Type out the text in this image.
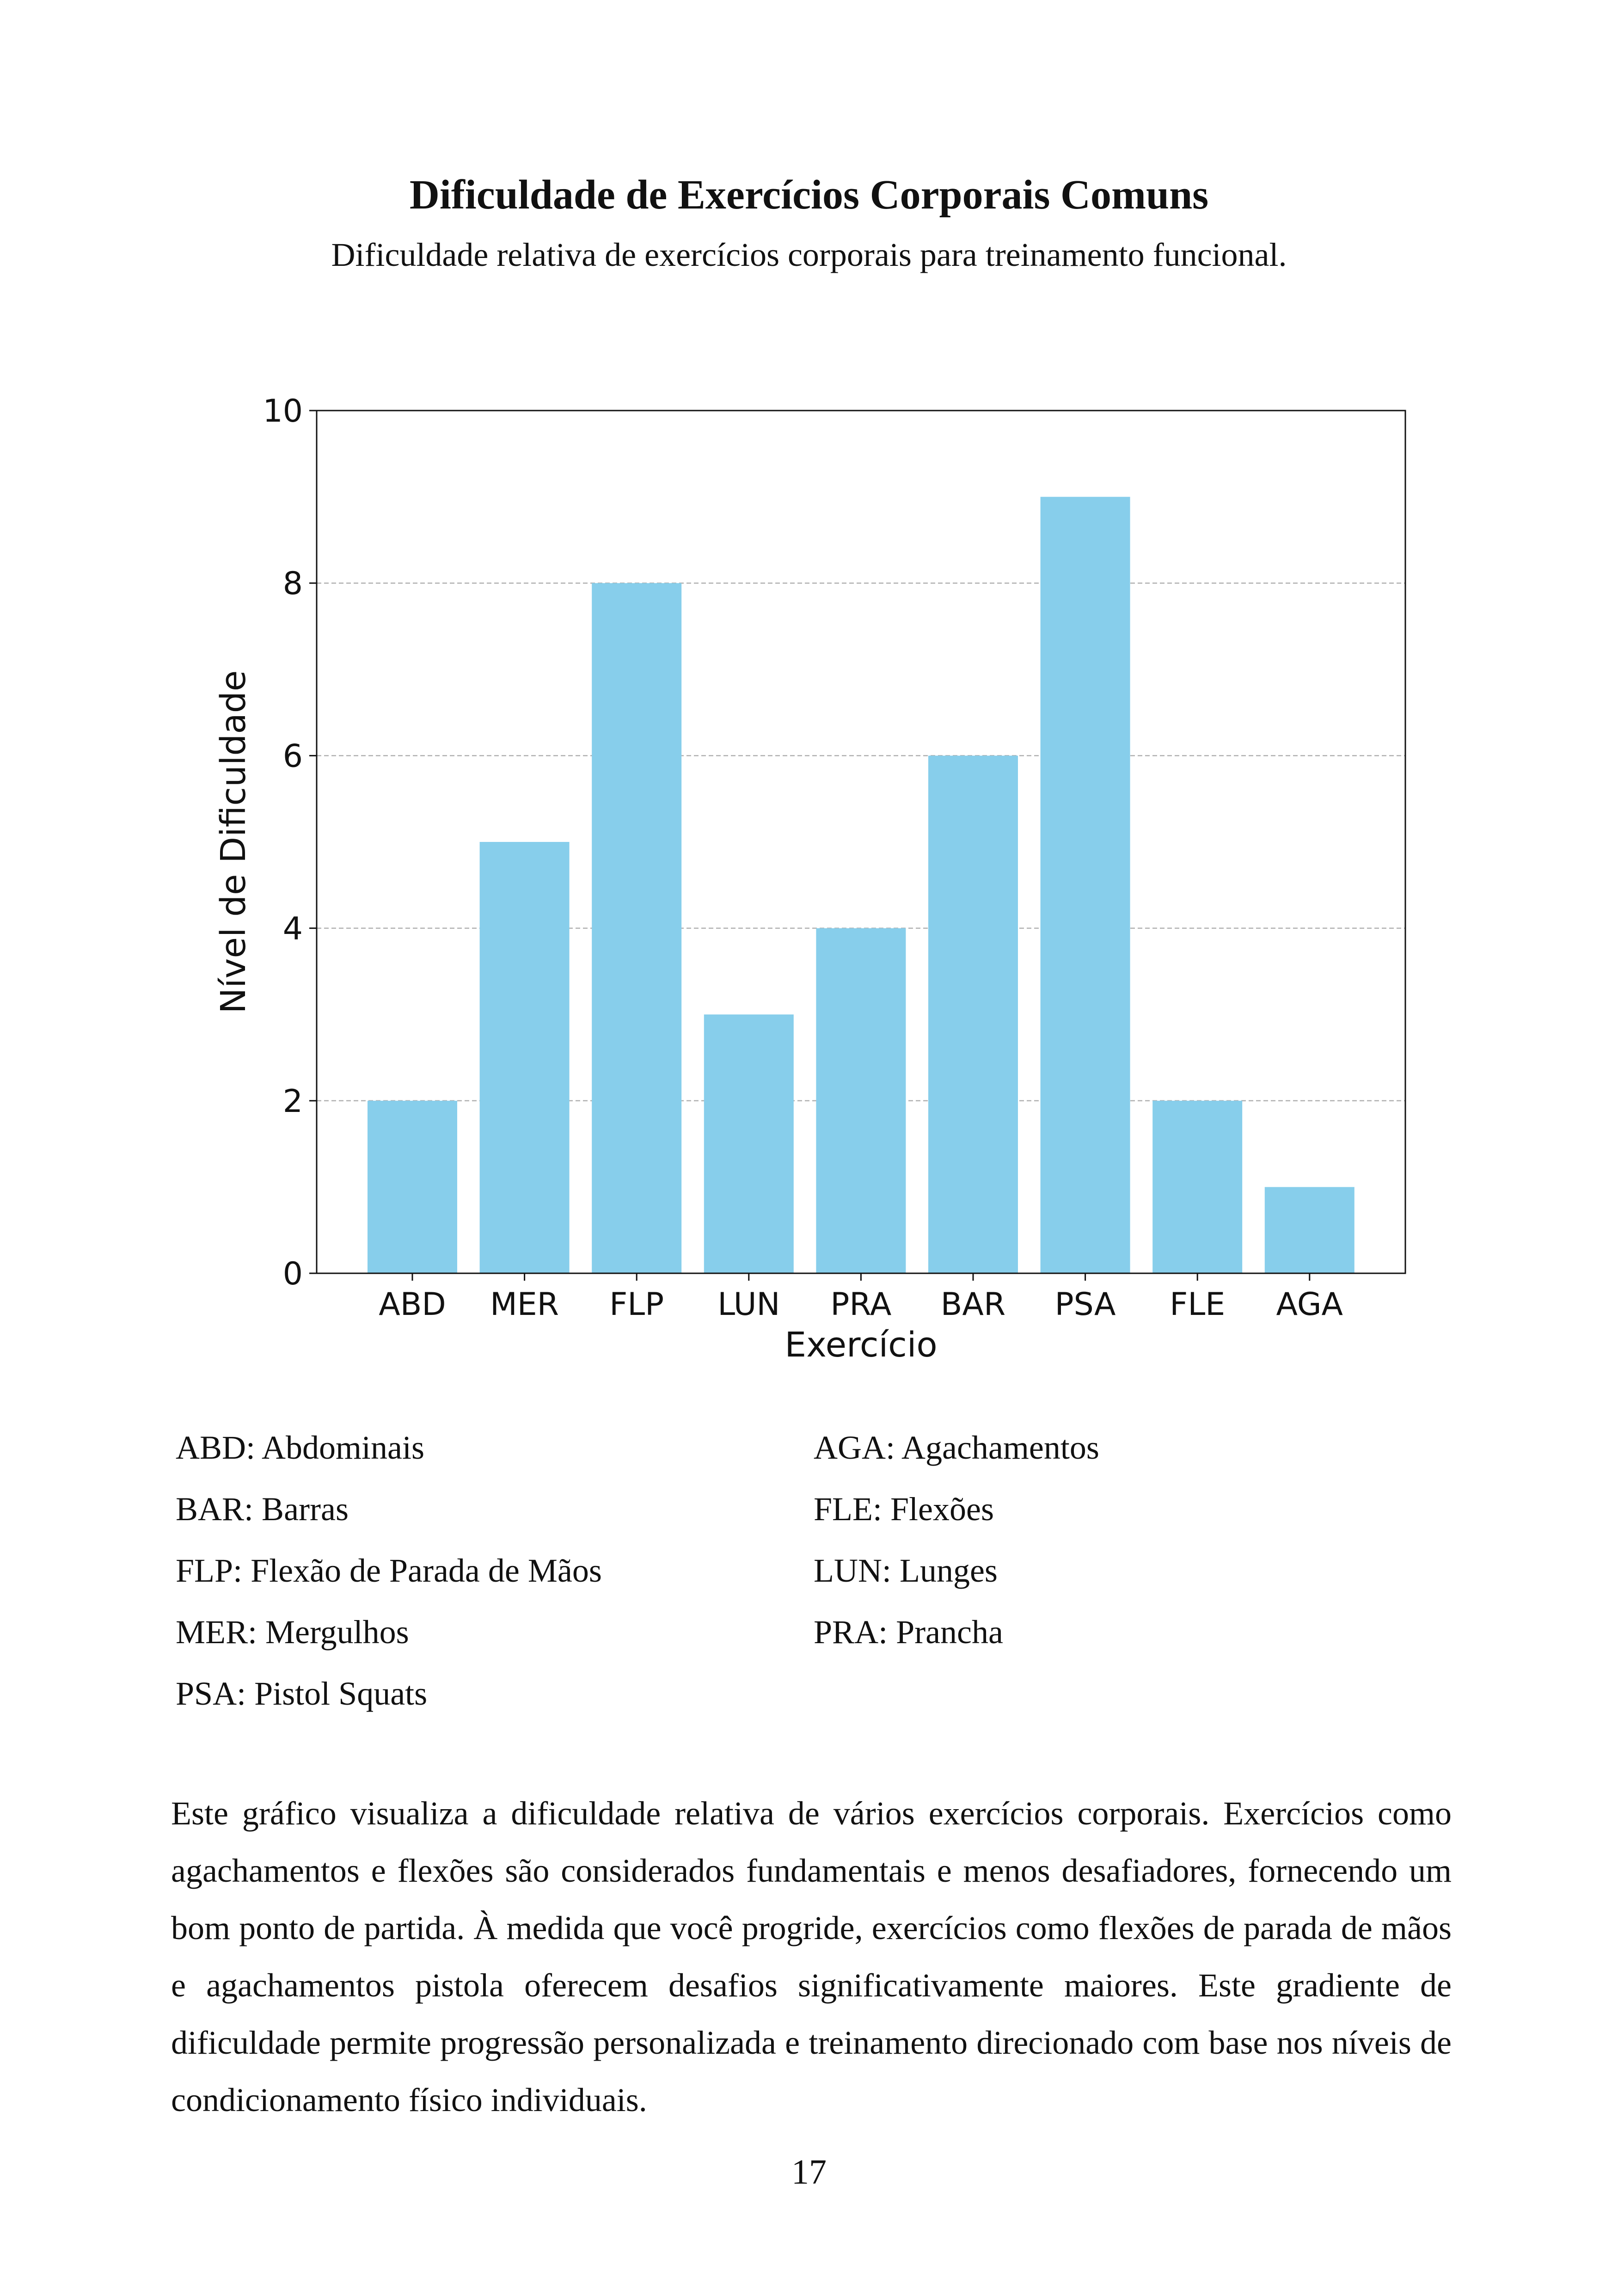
Dificuldade de Exercícios Corporais Comuns
Dificuldade relativa de exercícios corporais para treinamento funcional.
0
2
4
6
8
10
ABD MER FLP LUN PRA BAR PSA FLE AGA
Exercício
Nível de Dificuldade
ABD: Abdominais
BAR: Barras
FLP: Flexão de Parada de Mãos
MER: Mergulhos
PSA: Pistol Squats
AGA: Agachamentos
FLE: Flexões
LUN: Lunges
PRA: Prancha
Este gráfico visualiza a dificuldade relativa de vários exercícios corporais. Exercícios como agachamentos e flexões são considerados fundamentais e menos desafiadores, fornecendo um bom ponto de partida. À medida que você progride, exercícios como flexões de parada de mãos e agachamentos pistola oferecem desafios significativamente maiores. Este gradiente de dificuldade permite progressão personalizada e treinamento direcionado com base nos níveis de condicionamento físico individuais.
17
